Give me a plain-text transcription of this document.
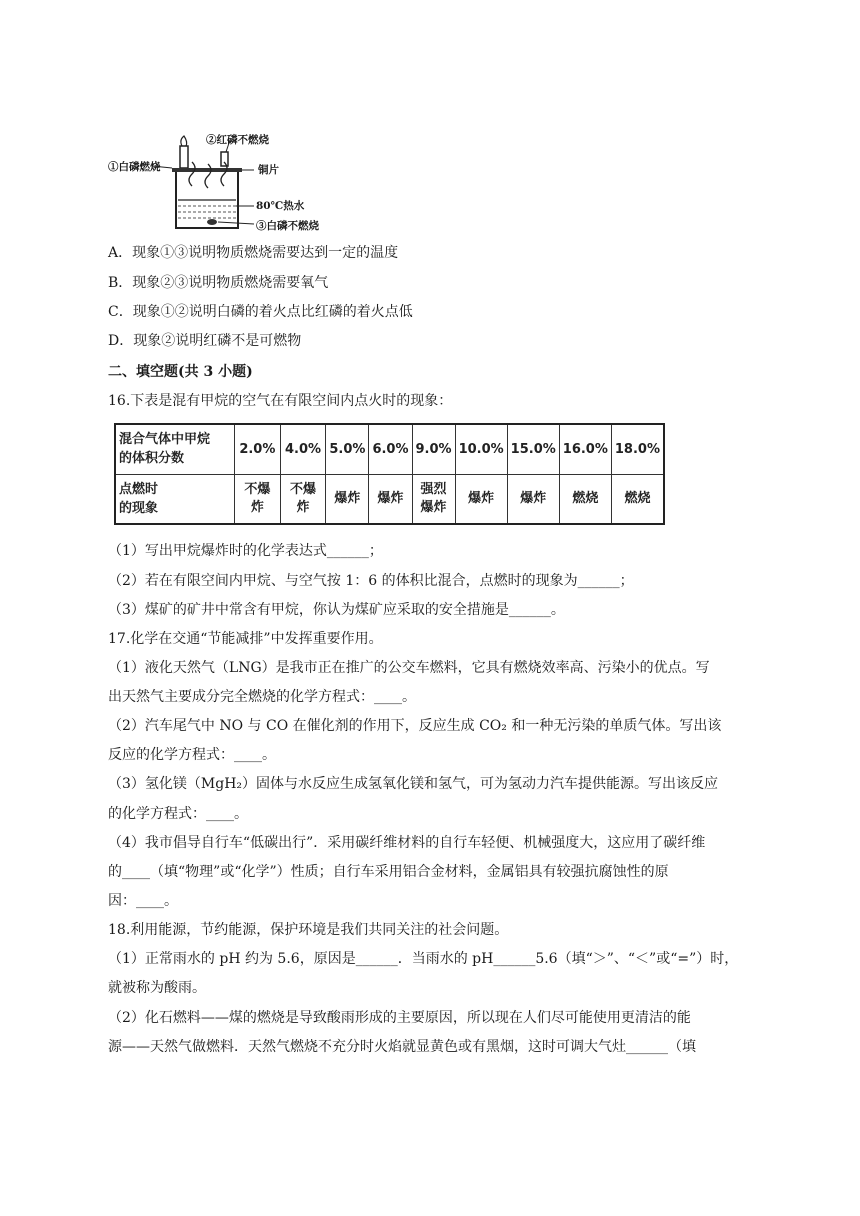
②红磷不燃烧
①白磷燃烧	铜片
80℃热水
③白磷不燃烧
A．现象①③说明物质燃烧需要达到一定的温度
B．现象②③说明物质燃烧需要氧气
C．现象①②说明白磷的着火点比红磷的着火点低
D．现象②说明红磷不是可燃物
二、填空题(共 3 小题)
16.下表是混有甲烷的空气在有限空间内点火时的现象：
混合气体中甲烷
的体积分数	2.0%	4.0%	5.0%	6.0%	9.0%	10.0%	15.0%	16.0%	18.0%

点燃时
的现象	不爆炸	不爆炸	爆炸	爆炸	强烈爆炸	爆炸	爆炸	燃烧	燃烧
（1）写出甲烷爆炸时的化学表达式______；
（2）若在有限空间内甲烷、与空气按 1：6 的体积比混合，点燃时的现象为______；
（3）煤矿的矿井中常含有甲烷，你认为煤矿应采取的安全措施是______。
17.化学在交通“节能减排”中发挥重要作用。
（1）液化天然气（LNG）是我市正在推广的公交车燃料，它具有燃烧效率高、污染小的优点。写
出天然气主要成分完全燃烧的化学方程式：____。
（2）汽车尾气中 NO 与 CO 在催化剂的作用下，反应生成 CO₂ 和一种无污染的单质气体。写出该
反应的化学方程式：____。
（3）氢化镁（MgH₂）固体与水反应生成氢氧化镁和氢气，可为氢动力汽车提供能源。写出该反应
的化学方程式：____。
（4）我市倡导自行车“低碳出行”．采用碳纤维材料的自行车轻便、机械强度大，这应用了碳纤维
的____（填“物理”或“化学”）性质；自行车采用铝合金材料，金属铝具有较强抗腐蚀性的原
因：____。
18.利用能源，节约能源，保护环境是我们共同关注的社会问题。
（1）正常雨水的 pH 约为 5.6，原因是______．当雨水的 pH______5.6（填“＞”、“＜”或“=”）时，
就被称为酸雨。
（2）化石燃料——煤的燃烧是导致酸雨形成的主要原因，所以现在人们尽可能使用更清洁的能
源——天然气做燃料．天然气燃烧不充分时火焰就显黄色或有黑烟，这时可调大气灶______（填
